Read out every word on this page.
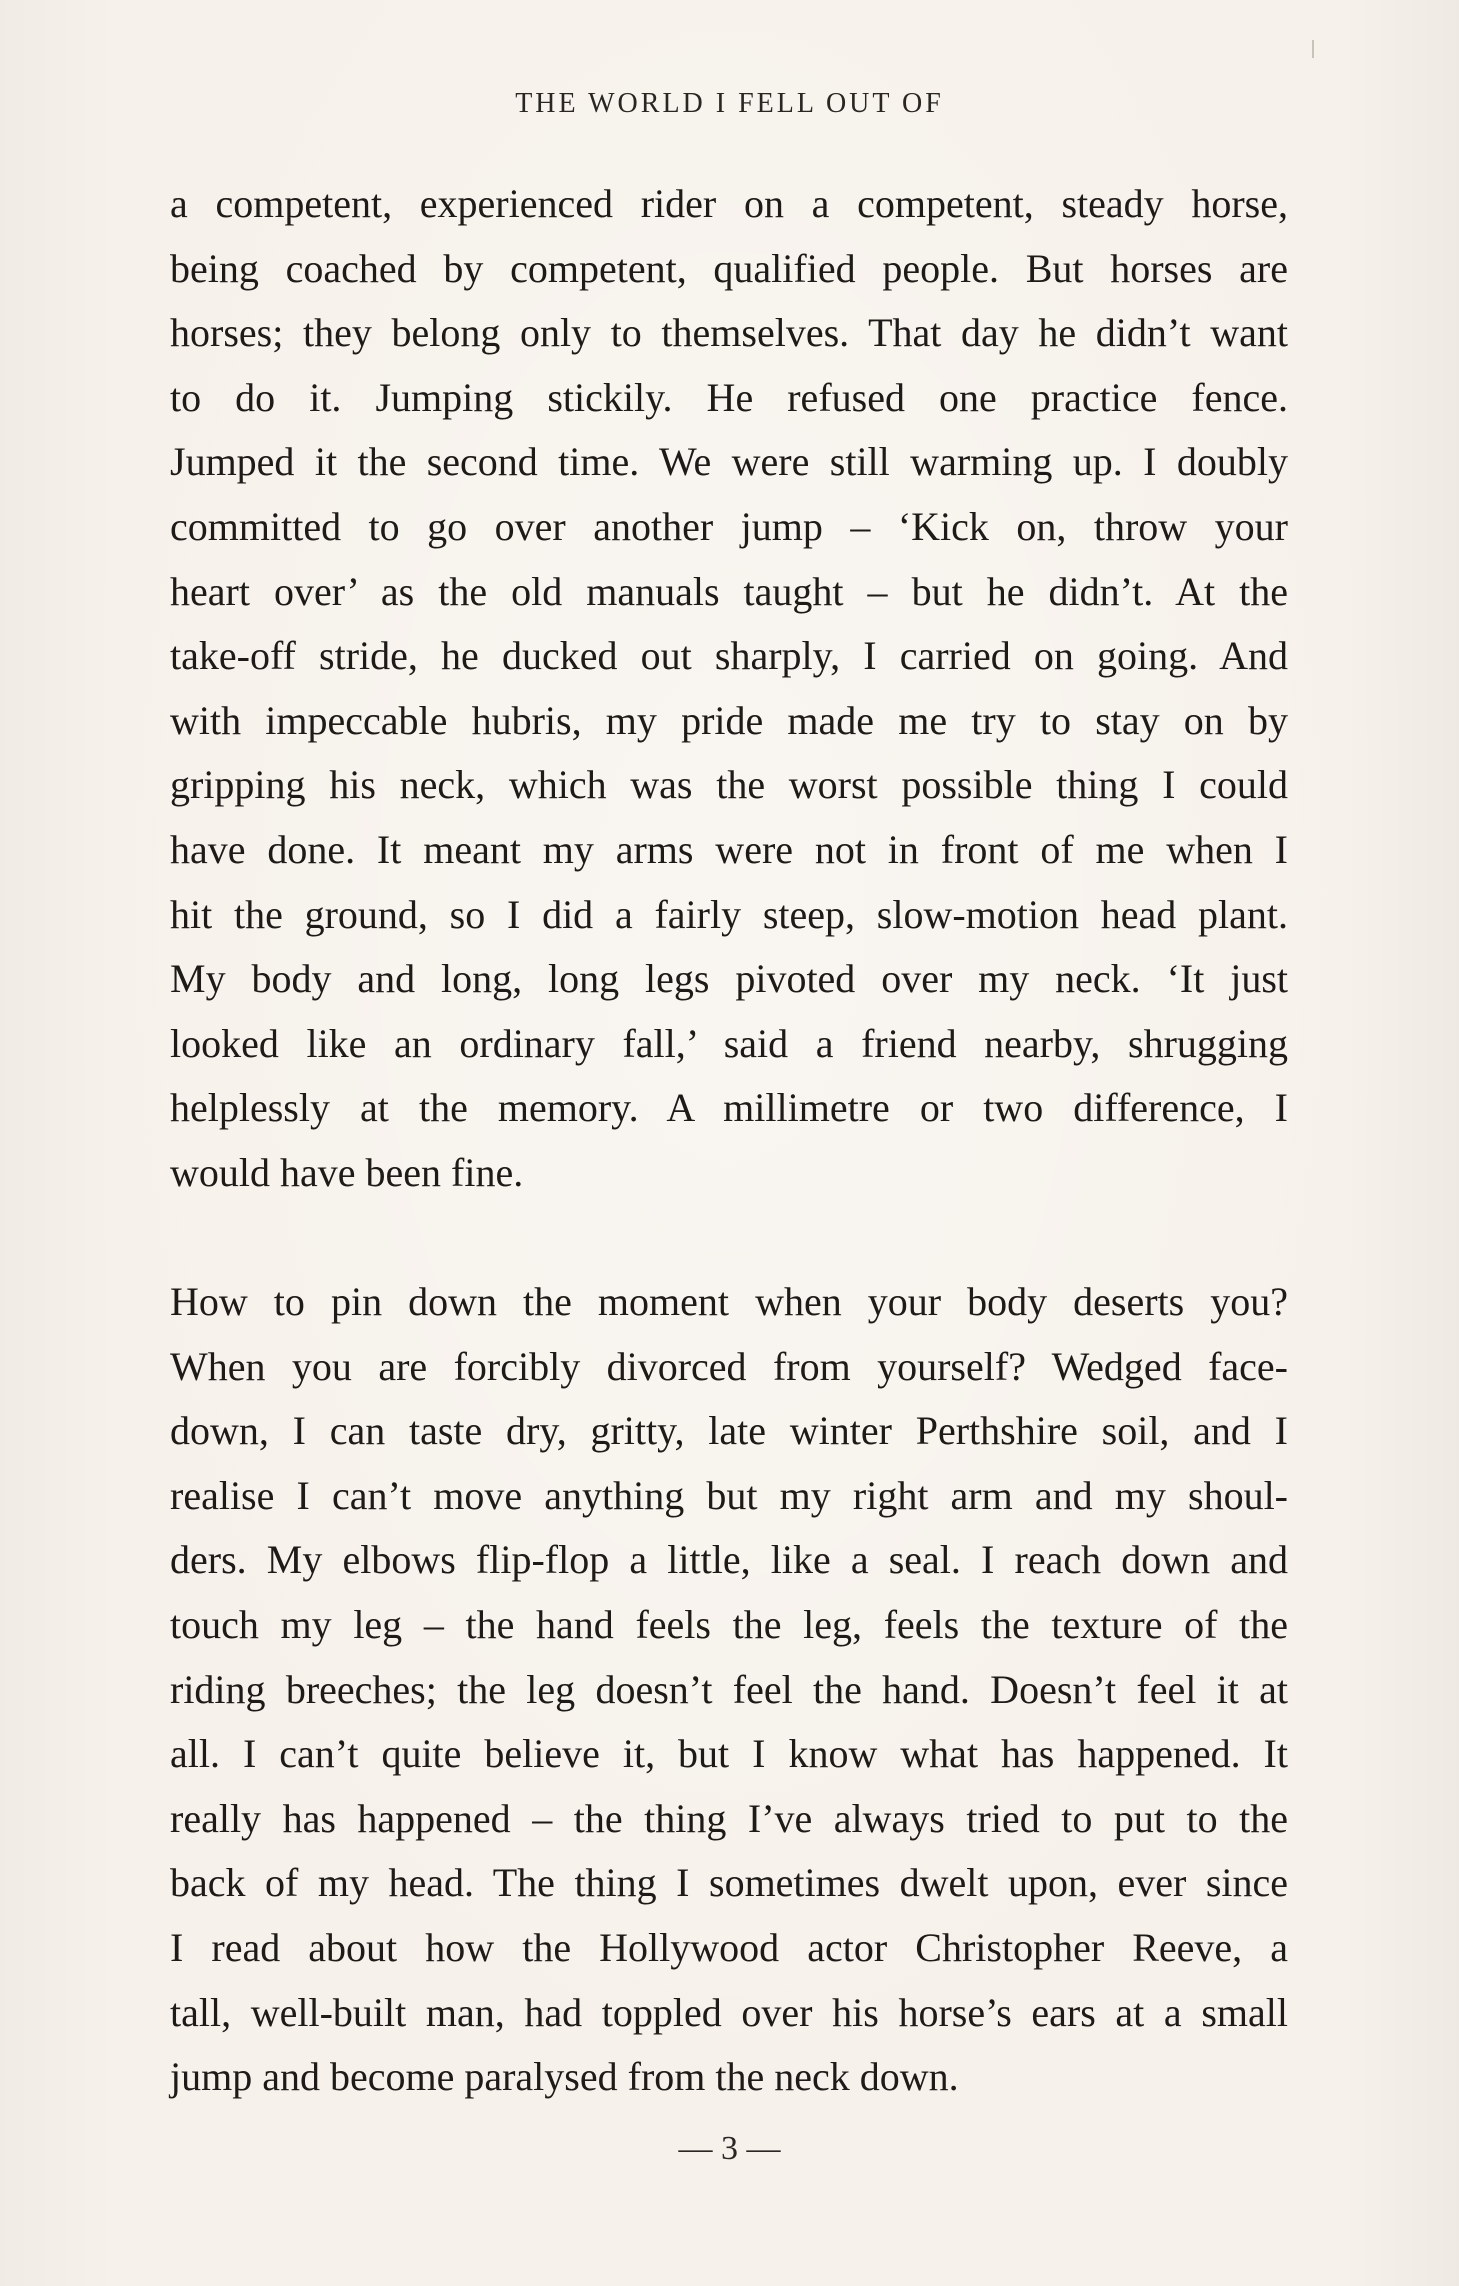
THE WORLD I FELL OUT OF
a competent, experienced rider on a competent, steady horse,
being coached by competent, qualified people. But horses are
horses; they belong only to themselves. That day he didn’t want
to do it. Jumping stickily. He refused one practice fence.
Jumped it the second time. We were still warming up. I doubly
committed to go over another jump – ‘Kick on, throw your
heart over’ as the old manuals taught – but he didn’t. At the
take-off stride, he ducked out sharply, I carried on going. And
with impeccable hubris, my pride made me try to stay on by
gripping his neck, which was the worst possible thing I could
have done. It meant my arms were not in front of me when I
hit the ground, so I did a fairly steep, slow-motion head plant.
My body and long, long legs pivoted over my neck. ‘It just
looked like an ordinary fall,’ said a friend nearby, shrugging
helplessly at the memory. A millimetre or two difference, I
would have been fine.
How to pin down the moment when your body deserts you?
When you are forcibly divorced from yourself? Wedged face-
down, I can taste dry, gritty, late winter Perthshire soil, and I
realise I can’t move anything but my right arm and my shoul-
ders. My elbows flip-flop a little, like a seal. I reach down and
touch my leg – the hand feels the leg, feels the texture of the
riding breeches; the leg doesn’t feel the hand. Doesn’t feel it at
all. I can’t quite believe it, but I know what has happened. It
really has happened – the thing I’ve always tried to put to the
back of my head. The thing I sometimes dwelt upon, ever since
I read about how the Hollywood actor Christopher Reeve, a
tall, well-built man, had toppled over his horse’s ears at a small
jump and become paralysed from the neck down.
— 3 —
